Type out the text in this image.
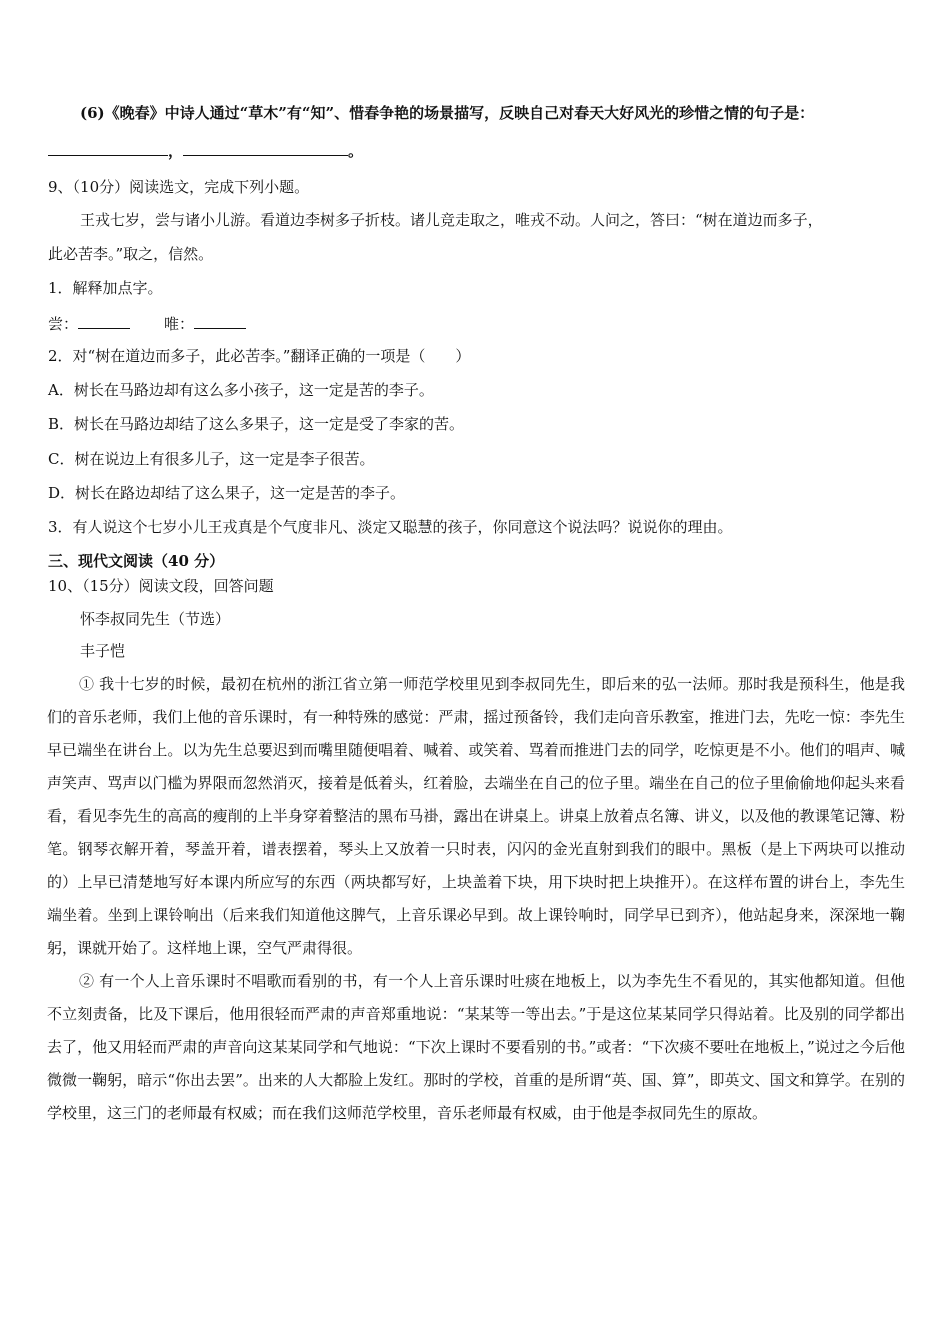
(6)《晚春》中诗人通过“草木”有“知”、惜春争艳的场景描写，反映自己对春天大好风光的珍惜之情的句子是：
，	。
9、（10分）阅读选文，完成下列小题。
王戎七岁，尝与诸小儿游。看道边李树多子折枝。诸儿竞走取之，唯戎不动。人问之，答曰：“树在道边而多子，
此必苦李。”取之，信然。
1．解释加点字。
尝：	唯：
2．对“树在道边而多子，此必苦李。”翻译正确的一项是（　　）
A．树长在马路边却有这么多小孩子，这一定是苦的李子。
B．树长在马路边却结了这么多果子，这一定是受了李家的苦。
C．树在说边上有很多儿子，这一定是李子很苦。
D．树长在路边却结了这么果子，这一定是苦的李子。
3．有人说这个七岁小儿王戎真是个气度非凡、淡定又聪慧的孩子，你同意这个说法吗？说说你的理由。
三、现代文阅读（40 分）
10、（15分）阅读文段，回答问题
怀李叔同先生（节选）
丰子恺

① 我十七岁的时候，最初在杭州的浙江省立第一师范学校里见到李叔同先生，即后来的弘一法师。那时我是预科生，他是我们的音乐老师，我们上他的音乐课时，有一种特殊的感觉：严肃，摇过预备铃，我们走向音乐教室，推进门去，先吃一惊：李先生早已端坐在讲台上。以为先生总要迟到而嘴里随便唱着、喊着、或笑着、骂着而推进门去的同学，吃惊更是不小。他们的唱声、喊声笑声、骂声以门槛为界限而忽然消灭，接着是低着头，红着脸，去端坐在自己的位子里。端坐在自己的位子里偷偷地仰起头来看看，看见李先生的高高的瘦削的上半身穿着整洁的黑布马褂，露出在讲桌上。讲桌上放着点名簿、讲义，以及他的教课笔记簿、粉笔。钢琴衣解开着，琴盖开着，谱表摆着，琴头上又放着一只时表，闪闪的金光直射到我们的眼中。黑板（是上下两块可以推动的）上早已清楚地写好本课内所应写的东西（两块都写好，上块盖着下块，用下块时把上块推开）。在这样布置的讲台上，李先生端坐着。坐到上课铃响出（后来我们知道他这脾气，上音乐课必早到。故上课铃响时，同学早已到齐），他站起身来，深深地一鞠躬，课就开始了。这样地上课，空气严肃得很。

② 有一个人上音乐课时不唱歌而看别的书，有一个人上音乐课时吐痰在地板上，以为李先生不看见的，其实他都知道。但他不立刻责备，比及下课后，他用很轻而严肃的声音郑重地说：“某某等一等出去。”于是这位某某同学只得站着。比及别的同学都出去了，他又用轻而严肃的声音向这某某同学和气地说：“下次上课时不要看别的书。”或者：“下次痰不要吐在地板上，”说过之今后他微微一鞠躬，暗示“你出去罢”。出来的人大都脸上发红。那时的学校，首重的是所谓“英、国、算”，即英文、国文和算学。在别的学校里，这三门的老师最有权威；而在我们这师范学校里，音乐老师最有权威，由于他是李叔同先生的原故。
